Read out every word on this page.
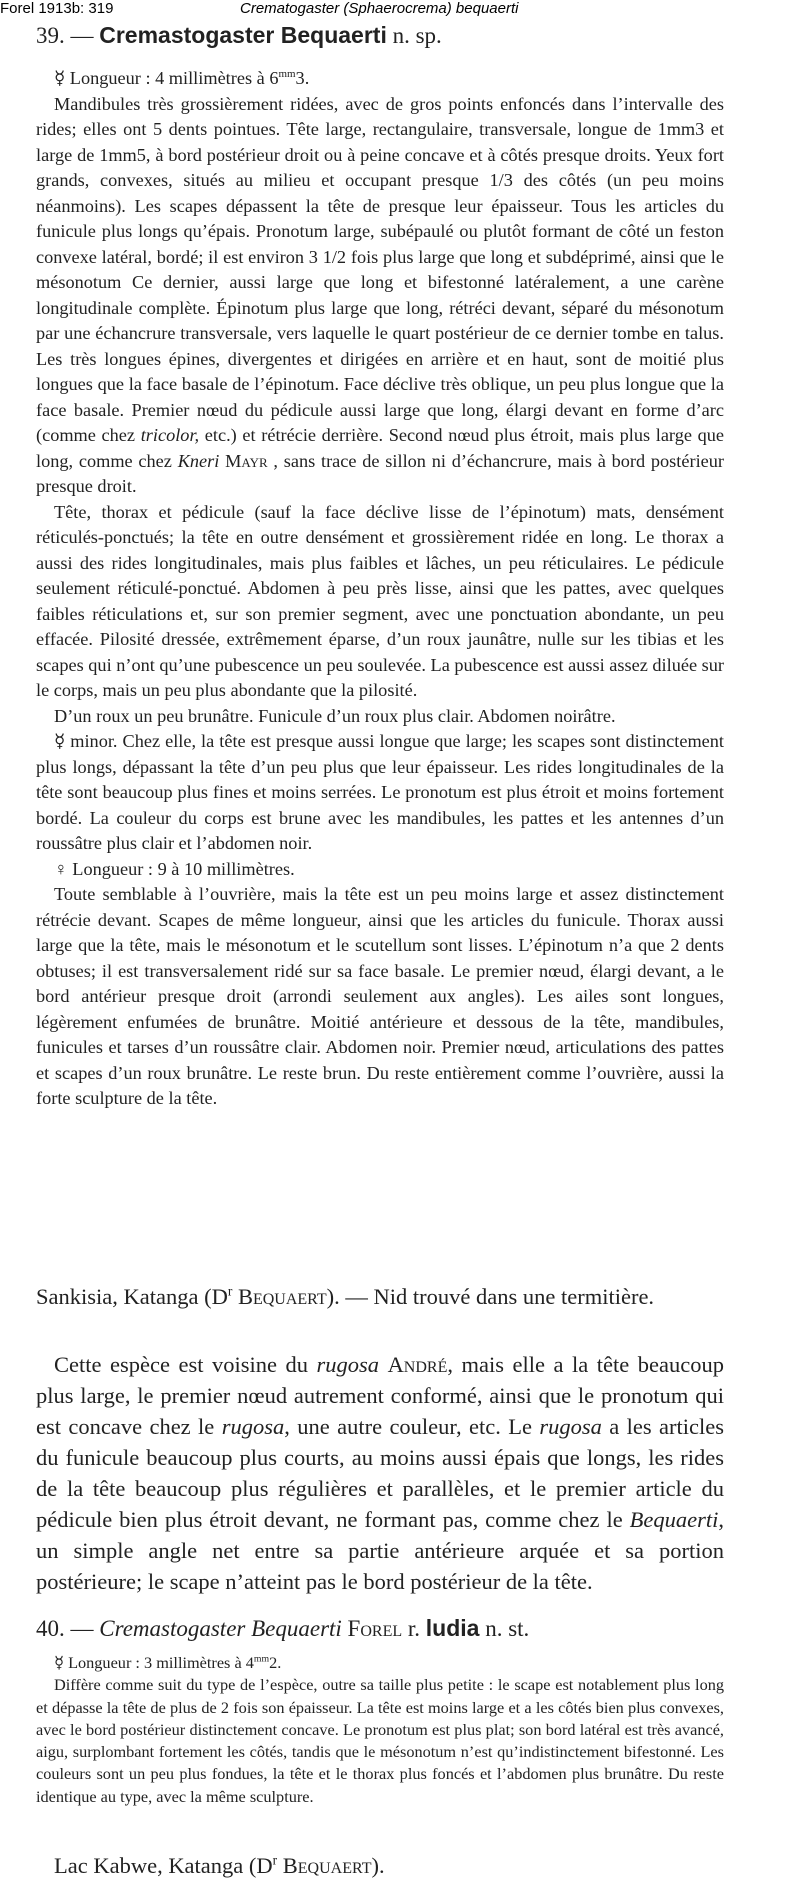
Forel 1913b: 319	Crematogaster (Sphaerocrema) bequaerti
39. — Cremastogaster Bequaerti n. sp.

☿ Longueur : 4 millimètres à $6^{mm}3$.

Mandibules très grossièrement ridées, avec de gros points enfoncés dans l’intervalle des rides; elles ont 5 dents pointues. Tête large, rectangulaire, transversale, longue de 1mm3 et large de 1mm5, à bord postérieur droit ou à peine concave et à côtés presque droits. Yeux fort grands, convexes, situés au milieu et occupant presque 1/3 des côtés (un peu moins néanmoins). Les scapes dépassent la tête de presque leur épaisseur. Tous les articles du funicule plus longs qu’épais. Pronotum large, subépaulé ou plutôt formant de côté un feston convexe latéral, bordé; il est environ 3 1/2 fois plus large que long et subdéprimé, ainsi que le mésonotum Ce dernier, aussi large que long et bifestonné latéralement, a une carène longitudinale complète. Épinotum plus large que long, rétréci devant, séparé du mésonotum par une échancrure transversale, vers laquelle le quart postérieur de ce dernier tombe en talus. Les très longues épines, divergentes et dirigées en arrière et en haut, sont de moitié plus longues que la face basale de l’épinotum. Face déclive très oblique, un peu plus longue que la face basale. Premier nœud du pédicule aussi large que long, élargi devant en forme d’arc (comme chez tricolor, etc.) et rétrécie derrière. Second nœud plus étroit, mais plus large que long, comme chez Kneri Mayr , sans trace de sillon ni d’échancrure, mais à bord postérieur presque droit.

Tête, thorax et pédicule (sauf la face déclive lisse de l’épinotum) mats, densément réticulés-ponctués; la tête en outre densément et grossièrement ridée en long. Le thorax a aussi des rides longitudinales, mais plus faibles et lâches, un peu réticulaires. Le pédicule seulement réticulé-ponctué. Abdomen à peu près lisse, ainsi que les pattes, avec quelques faibles réticulations et, sur son premier segment, avec une ponctuation abondante, un peu effacée. Pilosité dressée, extrêmement éparse, d’un roux jaunâtre, nulle sur les tibias et les scapes qui n’ont qu’une pubescence un peu soulevée. La pubescence est aussi assez diluée sur le corps, mais un peu plus abondante que la pilosité.

D’un roux un peu brunâtre. Funicule d’un roux plus clair. Abdomen noirâtre.

☿ minor. Chez elle, la tête est presque aussi longue que large; les scapes sont distinctement plus longs, dépassant la tête d’un peu plus que leur épaisseur. Les rides longitudinales de la tête sont beaucoup plus fines et moins serrées. Le pronotum est plus étroit et moins fortement bordé. La couleur du corps est brune avec les mandibules, les pattes et les antennes d’un roussâtre plus clair et l’abdomen noir.

♀ Longueur : 9 à 10 millimètres.

Toute semblable à l’ouvrière, mais la tête est un peu moins large et assez distinctement rétrécie devant. Scapes de même longueur, ainsi que les articles du funicule. Thorax aussi large que la tête, mais le mésonotum et le scutellum sont lisses. L’épinotum n’a que 2 dents obtuses; il est transversalement ridé sur sa face basale. Le premier nœud, élargi devant, a le bord antérieur presque droit (arrondi seulement aux angles). Les ailes sont longues, légèrement enfumées de brunâtre. Moitié antérieure et dessous de la tête, mandibules, funicules et tarses d’un roussâtre clair. Abdomen noir. Premier nœud, articulations des pattes et scapes d’un roux brunâtre. Le reste brun. Du reste entièrement comme l’ouvrière, aussi la forte sculpture de la tête.

Sankisia, Katanga ($D^r$ Bequaert). — Nid trouvé dans une termitière.

Cette espèce est voisine du rugosa André, mais elle a la tête beaucoup plus large, le premier nœud autrement conformé, ainsi que le pronotum qui est concave chez le rugosa, une autre couleur, etc. Le rugosa a les articles du funicule beaucoup plus courts, au moins aussi épais que longs, les rides de la tête beaucoup plus régulières et parallèles, et le premier article du pédicule bien plus étroit devant, ne formant pas, comme chez le Bequaerti, un simple angle net entre sa partie antérieure arquée et sa portion postérieure; le scape n’atteint pas le bord postérieur de la tête.

40. — Cremastogaster Bequaerti Forel r. ludia n. st.

☿ Longueur : 3 millimètres à $4^{mm}2$.

Diffère comme suit du type de l’espèce, outre sa taille plus petite : le scape est notablement plus long et dépasse la tête de plus de 2 fois son épaisseur. La tête est moins large et a les côtés bien plus convexes, avec le bord postérieur distinctement concave. Le pronotum est plus plat; son bord latéral est très avancé, aigu, surplombant fortement les côtés, tandis que le mésonotum n’est qu’indistinctement bifestonné. Les couleurs sont un peu plus fondues, la tête et le thorax plus foncés et l’abdomen plus brunâtre. Du reste identique au type, avec la même sculpture.

Lac Kabwe, Katanga ($D^r$ Bequaert).
